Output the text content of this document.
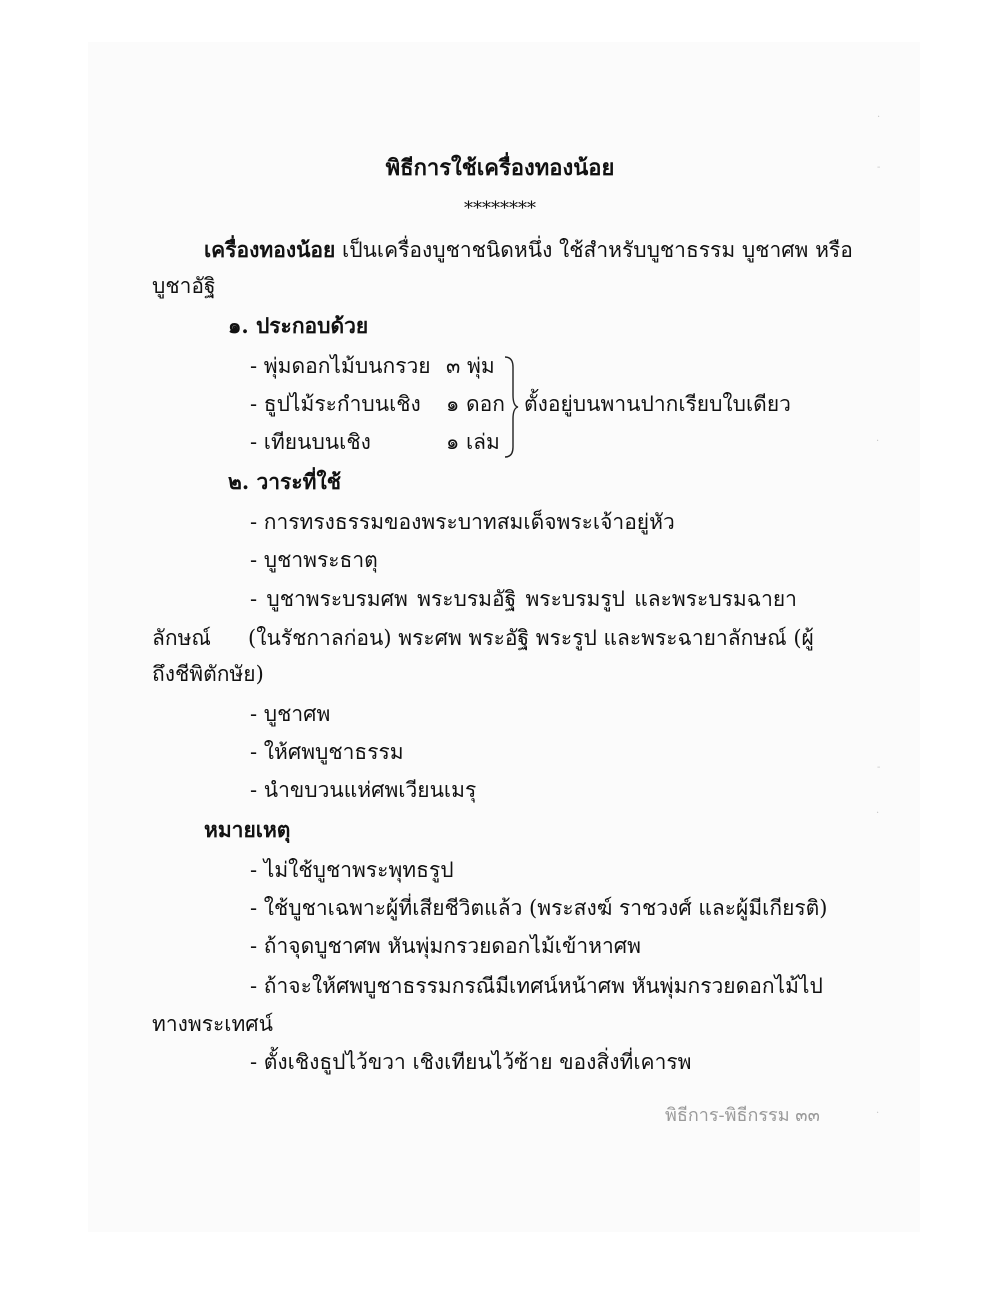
พิธีการใช้เครื่องทองน้อย
********
เครื่องทองน้อย เป็นเครื่องบูชาชนิดหนึ่ง ใช้สำหรับบูชาธรรม บูชาศพ หรือ
บูชาอัฐิ
๑. ประกอบด้วย
- พุ่มดอกไม้บนกรวย ๓ พุ่ม
- ธูปไม้ระกำบนเชิง ๑ ดอก
- เทียนบนเชิง	๑ เล่ม
ตั้งอยู่บนพานปากเรียบใบเดียว
๒. วาระที่ใช้
- การทรงธรรมของพระบาทสมเด็จพระเจ้าอยู่หัว
- บูชาพระธาตุ
- บูชาพระบรมศพ พระบรมอัฐิ พระบรมรูป และพระบรมฉายา
ลักษณ์ (ในรัชกาลก่อน) พระศพ พระอัฐิ พระรูป และพระฉายาลักษณ์ (ผู้
ถึงชีพิตักษัย)
- บูชาศพ
- ให้ศพบูชาธรรม
- นำขบวนแห่ศพเวียนเมรุ
หมายเหตุ
- ไม่ใช้บูชาพระพุทธรูป
- ใช้บูชาเฉพาะผู้ที่เสียชีวิตแล้ว (พระสงฆ์ ราชวงศ์ และผู้มีเกียรติ)
- ถ้าจุดบูชาศพ หันพุ่มกรวยดอกไม้เข้าหาศพ
- ถ้าจะให้ศพบูชาธรรมกรณีมีเทศน์หน้าศพ หันพุ่มกรวยดอกไม้ไป
ทางพระเทศน์
- ตั้งเชิงธูปไว้ขวา เชิงเทียนไว้ซ้าย ของสิ่งที่เคารพ
พิธีการ-พิธีกรรม ๓๓
·
-
·
-
·
·
